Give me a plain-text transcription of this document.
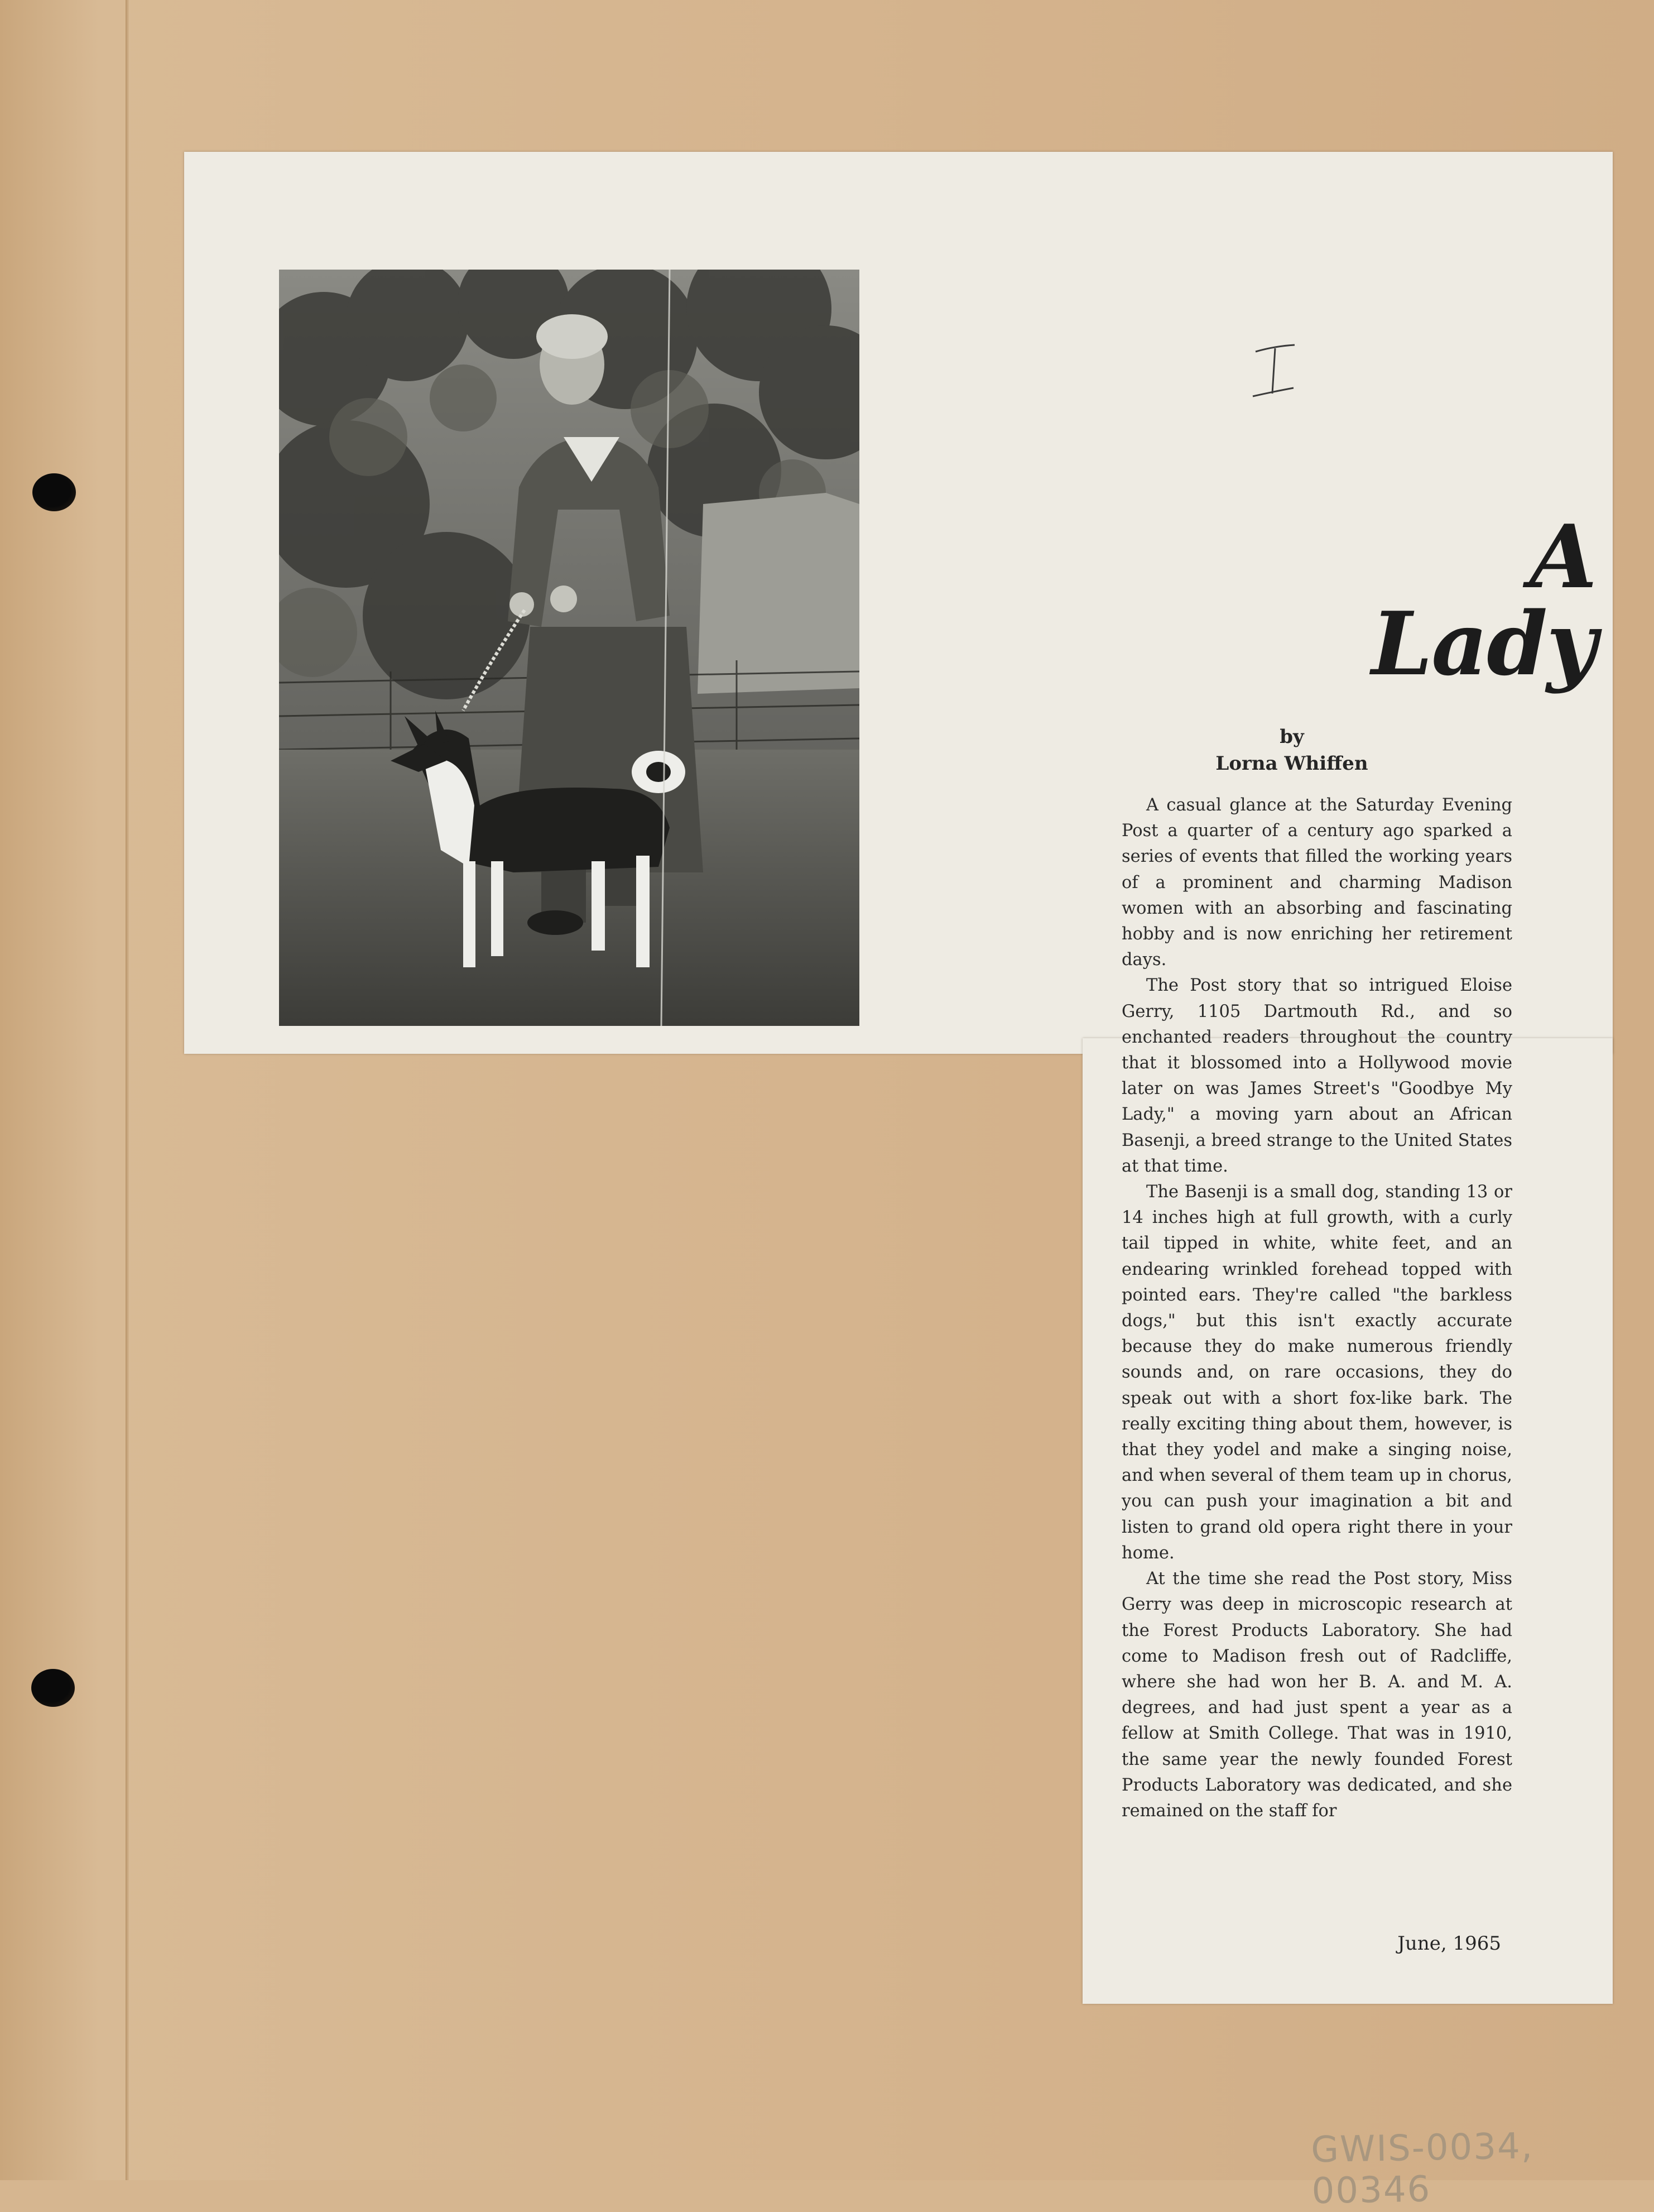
A Lady
by
Lorna Whiffen

A casual glance at the Saturday Evening Post a quarter of a century ago sparked a series of events that filled the working years of a prominent and charming Madison women with an absorbing and fascinating hobby and is now enriching her retirement days.

The Post story that so intrigued Eloise Gerry, 1105 Dartmouth Rd., and so enchanted readers throughout the country that it blossomed into a Hollywood movie later on was James Street's "Goodbye My Lady," a moving yarn about an African Basenji, a breed strange to the United States at that time.

The Basenji is a small dog, standing 13 or 14 inches high at full growth, with a curly tail tipped in white, white feet, and an endearing wrinkled forehead topped with pointed ears. They're called "the barkless dogs," but this isn't exactly accurate because they do make numerous friendly sounds and, on rare occasions, they do speak out with a short fox-like bark. The really exciting thing about them, however, is that they yodel and make a singing noise, and when several of them team up in chorus, you can push your imagination a bit and listen to grand old opera right there in your home.

At the time she read the Post story, Miss Gerry was deep in microscopic research at the Forest Products Laboratory. She had come to Madison fresh out of Radcliffe, where she had won her B. A. and M. A. degrees, and had just spent a year as a fellow at Smith College. That was in 1910, the same year the newly founded Forest Products Laboratory was dedicated, and she remained on the staff for

June, 1965
GWIS-0034, 00346
